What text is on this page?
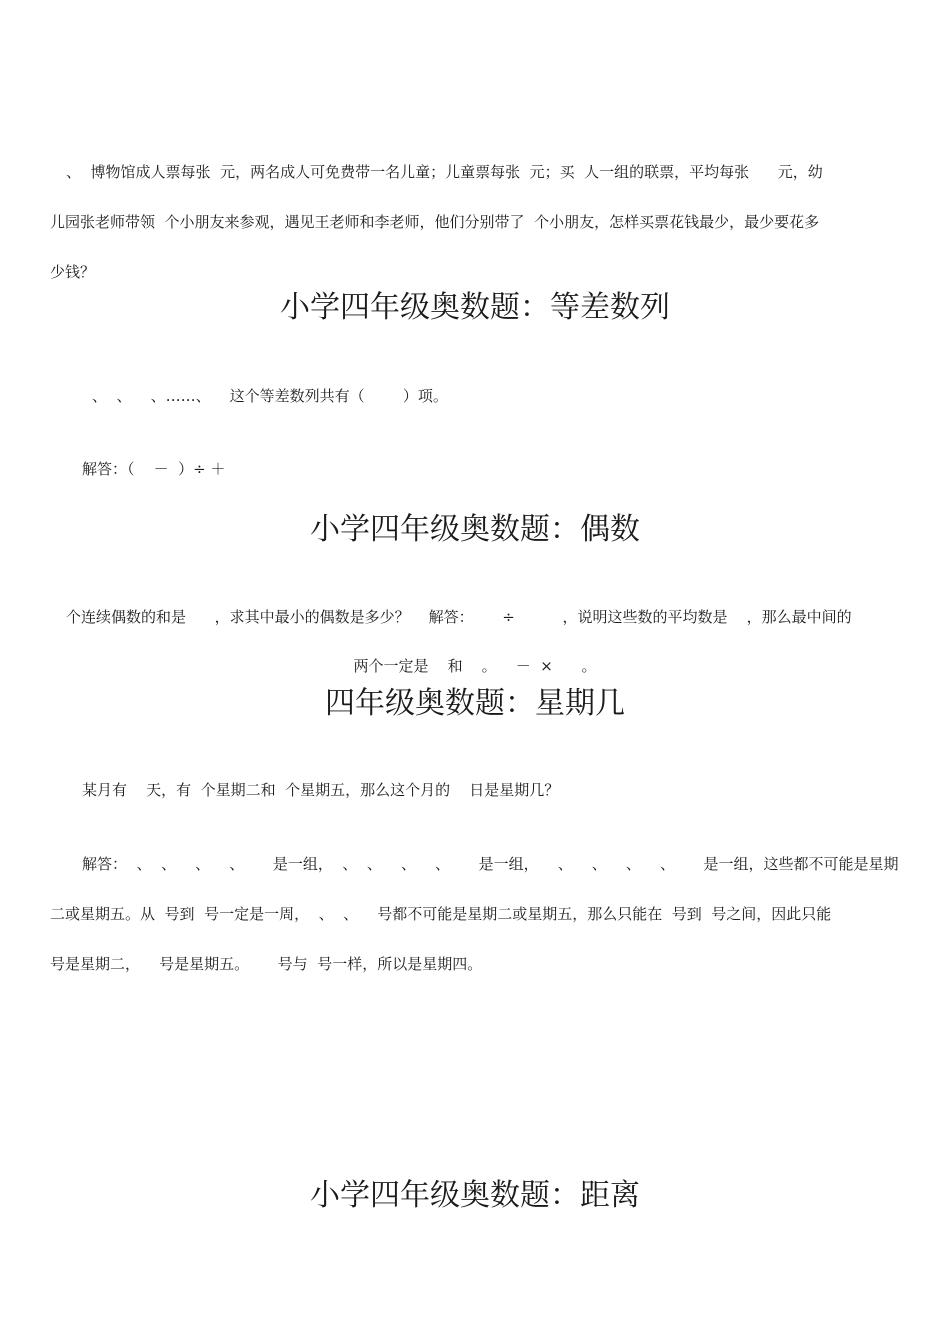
、  博物馆成人票每张  元，两名成人可免费带一名儿童；儿童票每张  元；买  人一组的联票，平均每张      元，幼
儿园张老师带领  个小朋友来参观，遇见王老师和李老师，他们分别带了  个小朋友，怎样买票花钱最少，最少要花多
少钱？
小学四年级奥数题：等差数列
、  、    、……、    这个等差数列共有（        ）项。
解答：（    －  ）÷ ＋
小学四年级奥数题：偶数
个连续偶数的和是      ，求其中最小的偶数是多少？    解答：      ÷          ，说明这些数的平均数是    ，那么最中间的
两个一定是    和    。    －  ×      。
四年级奥数题：星期几
某月有    天，有  个星期二和  个星期五，那么这个月的    日是星期几？
解答：  、  、    、    、      是一组，  、  、    、    、      是一组，    、    、    、    、      是一组，这些都不可能是星期
二或星期五。从  号到  号一定是一周，  、  、    号都不可能是星期二或星期五，那么只能在  号到  号之间，因此只能
号是星期二，    号是星期五。      号与  号一样，所以是星期四。
小学四年级奥数题：距离
